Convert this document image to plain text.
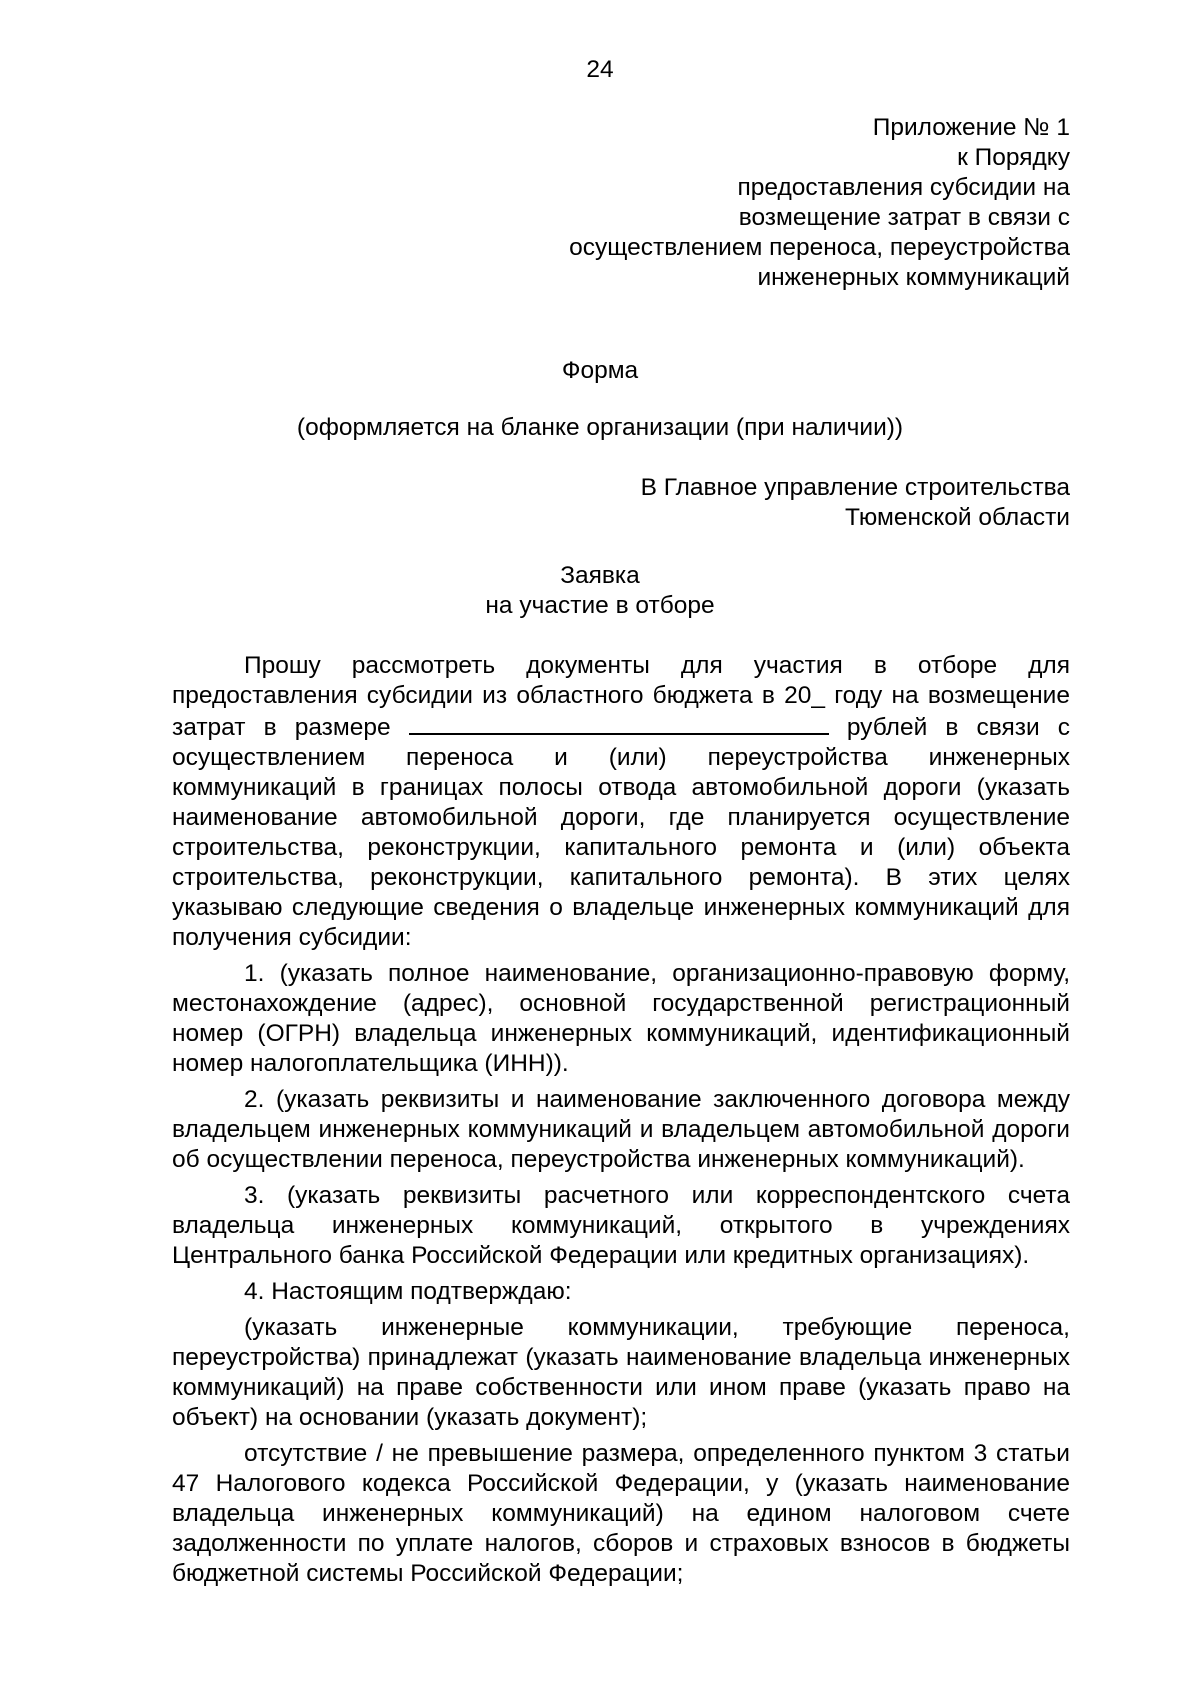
24
Приложение № 1
к Порядку
предоставления субсидии на
возмещение затрат в связи с
осуществлением переноса, переустройства
инженерных коммуникаций
Форма
(оформляется на бланке организации (при наличии))
В Главное управление строительства
Тюменской области
Заявка
на участие в отборе

Прошу рассмотреть документы для участия в отборе для предоставления субсидии из областного бюджета в 20_ году на возмещение затрат в размере	рублей в связи с осуществлением переноса и (или) переустройства инженерных коммуникаций в границах полосы отвода автомобильной дороги (указать наименование автомобильной дороги, где планируется осуществление строительства, реконструкции, капитального ремонта и (или) объекта строительства, реконструкции, капитального ремонта). В этих целях указываю следующие сведения о владельце инженерных коммуникаций для получения субсидии:

1. (указать полное наименование, организационно-правовую форму, местонахождение (адрес), основной государственной регистрационный номер (ОГРН) владельца инженерных коммуникаций, идентификационный номер налогоплательщика (ИНН)).

2. (указать реквизиты и наименование заключенного договора между владельцем инженерных коммуникаций и владельцем автомобильной дороги об осуществлении переноса, переустройства инженерных коммуникаций).

3. (указать реквизиты расчетного или корреспондентского счета владельца инженерных коммуникаций, открытого в учреждениях Центрального банка Российской Федерации или кредитных организациях).

4. Настоящим подтверждаю:

(указать инженерные коммуникации, требующие переноса, переустройства) принадлежат (указать наименование владельца инженерных коммуникаций) на праве собственности или ином праве (указать право на объект) на основании (указать документ);

отсутствие / не превышение размера, определенного пунктом 3 статьи 47 Налогового кодекса Российской Федерации, у (указать наименование владельца инженерных коммуникаций) на едином налоговом счете задолженности по уплате налогов, сборов и страховых взносов в бюджеты бюджетной системы Российской Федерации;
